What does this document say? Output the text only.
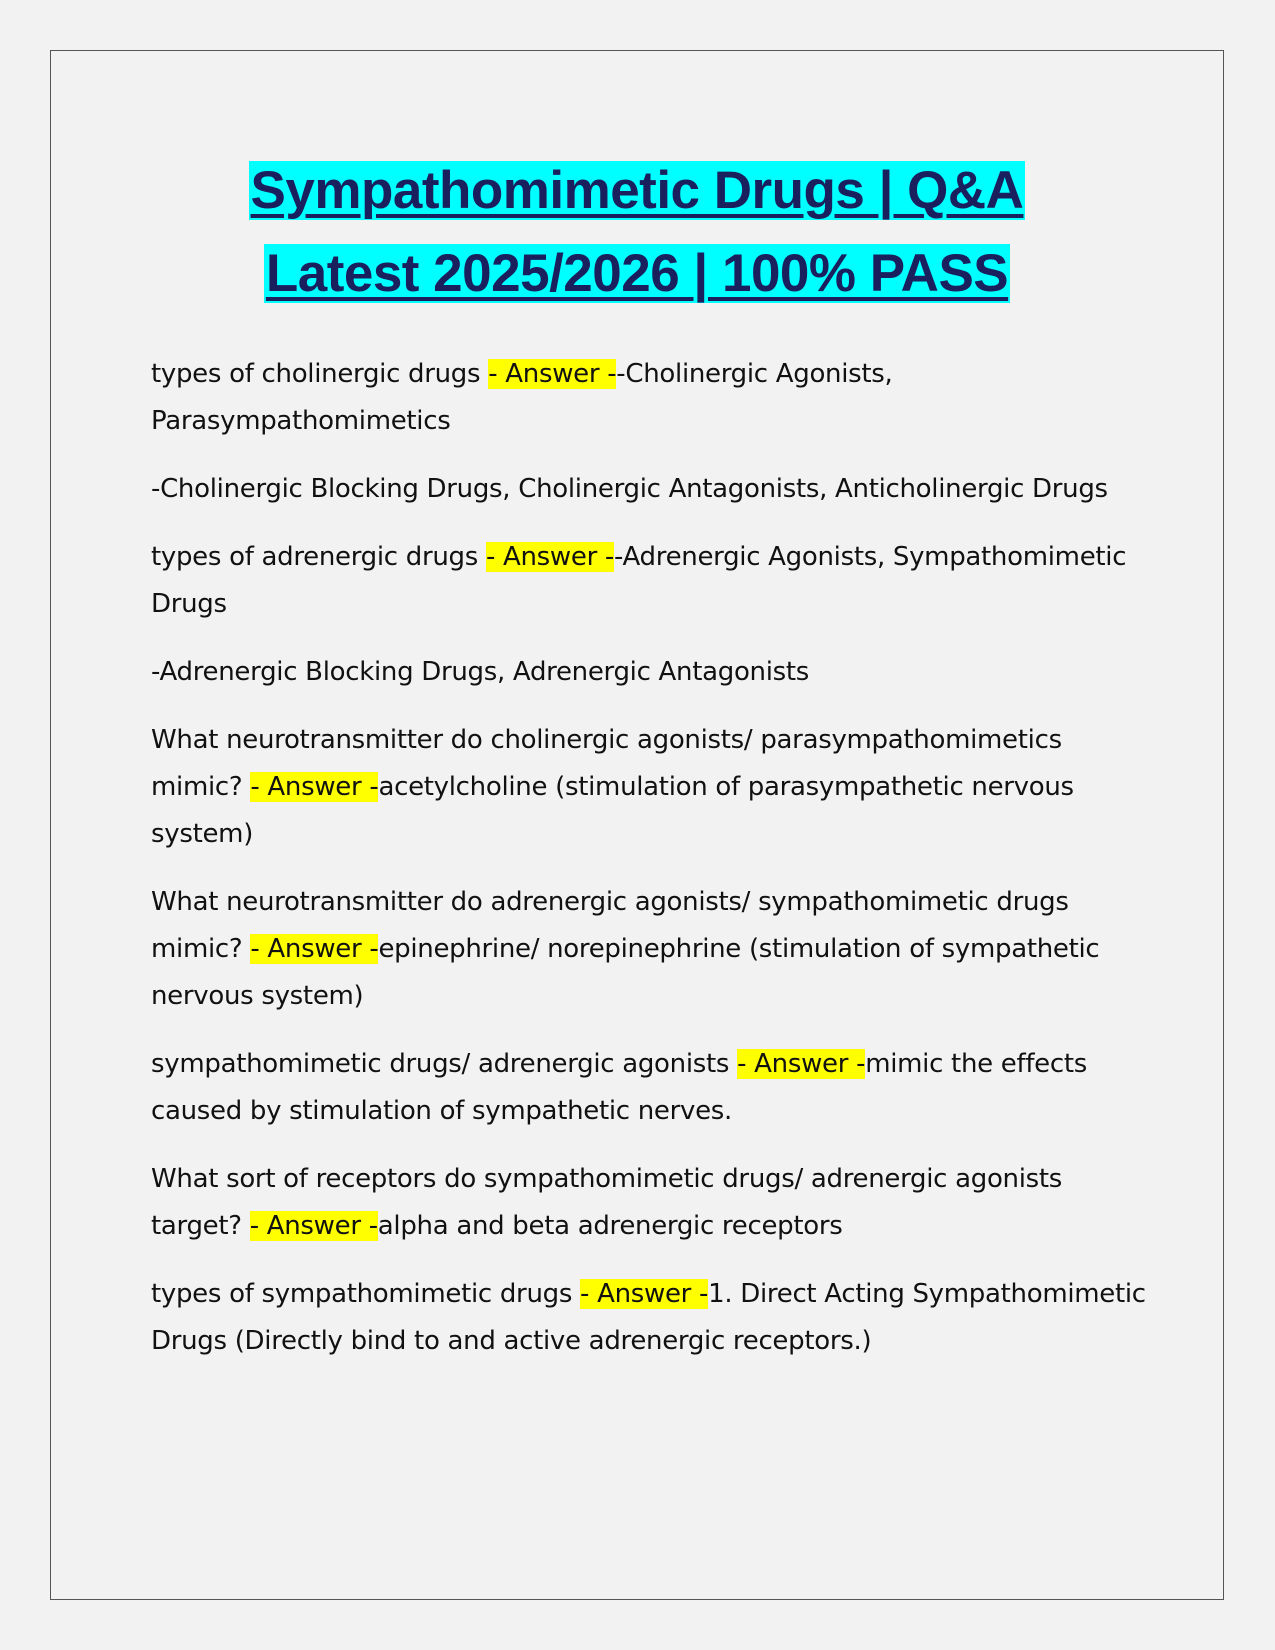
Sympathomimetic Drugs | Q&A
Latest 2025/2026 | 100% PASS

types of cholinergic drugs - Answer --Cholinergic Agonists, Parasympathomimetics

-Cholinergic Blocking Drugs, Cholinergic Antagonists, Anticholinergic Drugs

types of adrenergic drugs - Answer --Adrenergic Agonists, Sympathomimetic Drugs

-Adrenergic Blocking Drugs, Adrenergic Antagonists

What neurotransmitter do cholinergic agonists/ parasympathomimetics mimic? - Answer -acetylcholine (stimulation of parasympathetic nervous system)

What neurotransmitter do adrenergic agonists/ sympathomimetic drugs mimic? - Answer -epinephrine/ norepinephrine (stimulation of sympathetic nervous system)

sympathomimetic drugs/ adrenergic agonists - Answer -mimic the effects caused by stimulation of sympathetic nerves.

What sort of receptors do sympathomimetic drugs/ adrenergic agonists target? - Answer -alpha and beta adrenergic receptors

types of sympathomimetic drugs - Answer -1. Direct Acting Sympathomimetic Drugs (Directly bind to and active adrenergic receptors.)
